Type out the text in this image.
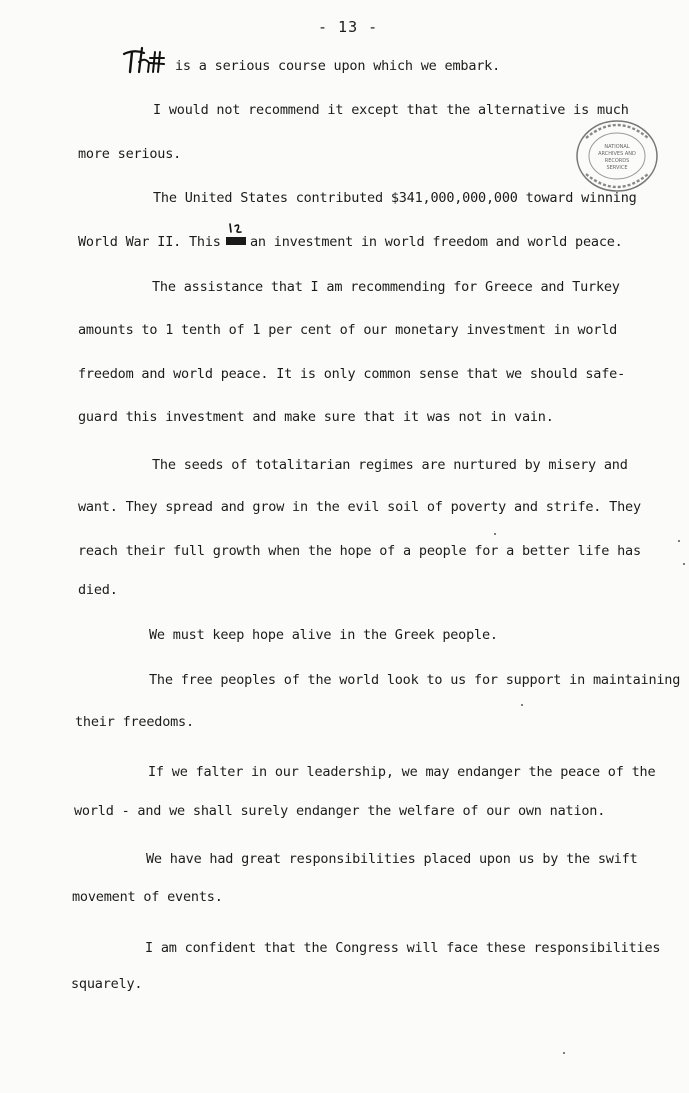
- 13 -
NATIONAL
ARCHIVES AND
RECORDS
SERVICE
is a serious course upon which we embark.
I would not recommend it except that the alternative is much
more serious.
The United States contributed $341,000,000,000 toward winning
World War II. This an investment in world freedom and world peace.
The assistance that I am recommending for Greece and Turkey
amounts to 1 tenth of 1 per cent of our monetary investment in world
freedom and world peace. It is only common sense that we should safe-
guard this investment and make sure that it was not in vain.
The seeds of totalitarian regimes are nurtured by misery and
want. They spread and grow in the evil soil of poverty and strife. They
reach their full growth when the hope of a people for a better life has
died.
We must keep hope alive in the Greek people.
The free peoples of the world look to us for support in maintaining
their freedoms.
If we falter in our leadership, we may endanger the peace of the
world - and we shall surely endanger the welfare of our own nation.
We have had great responsibilities placed upon us by the swift
movement of events.
I am confident that the Congress will face these responsibilities
squarely.
